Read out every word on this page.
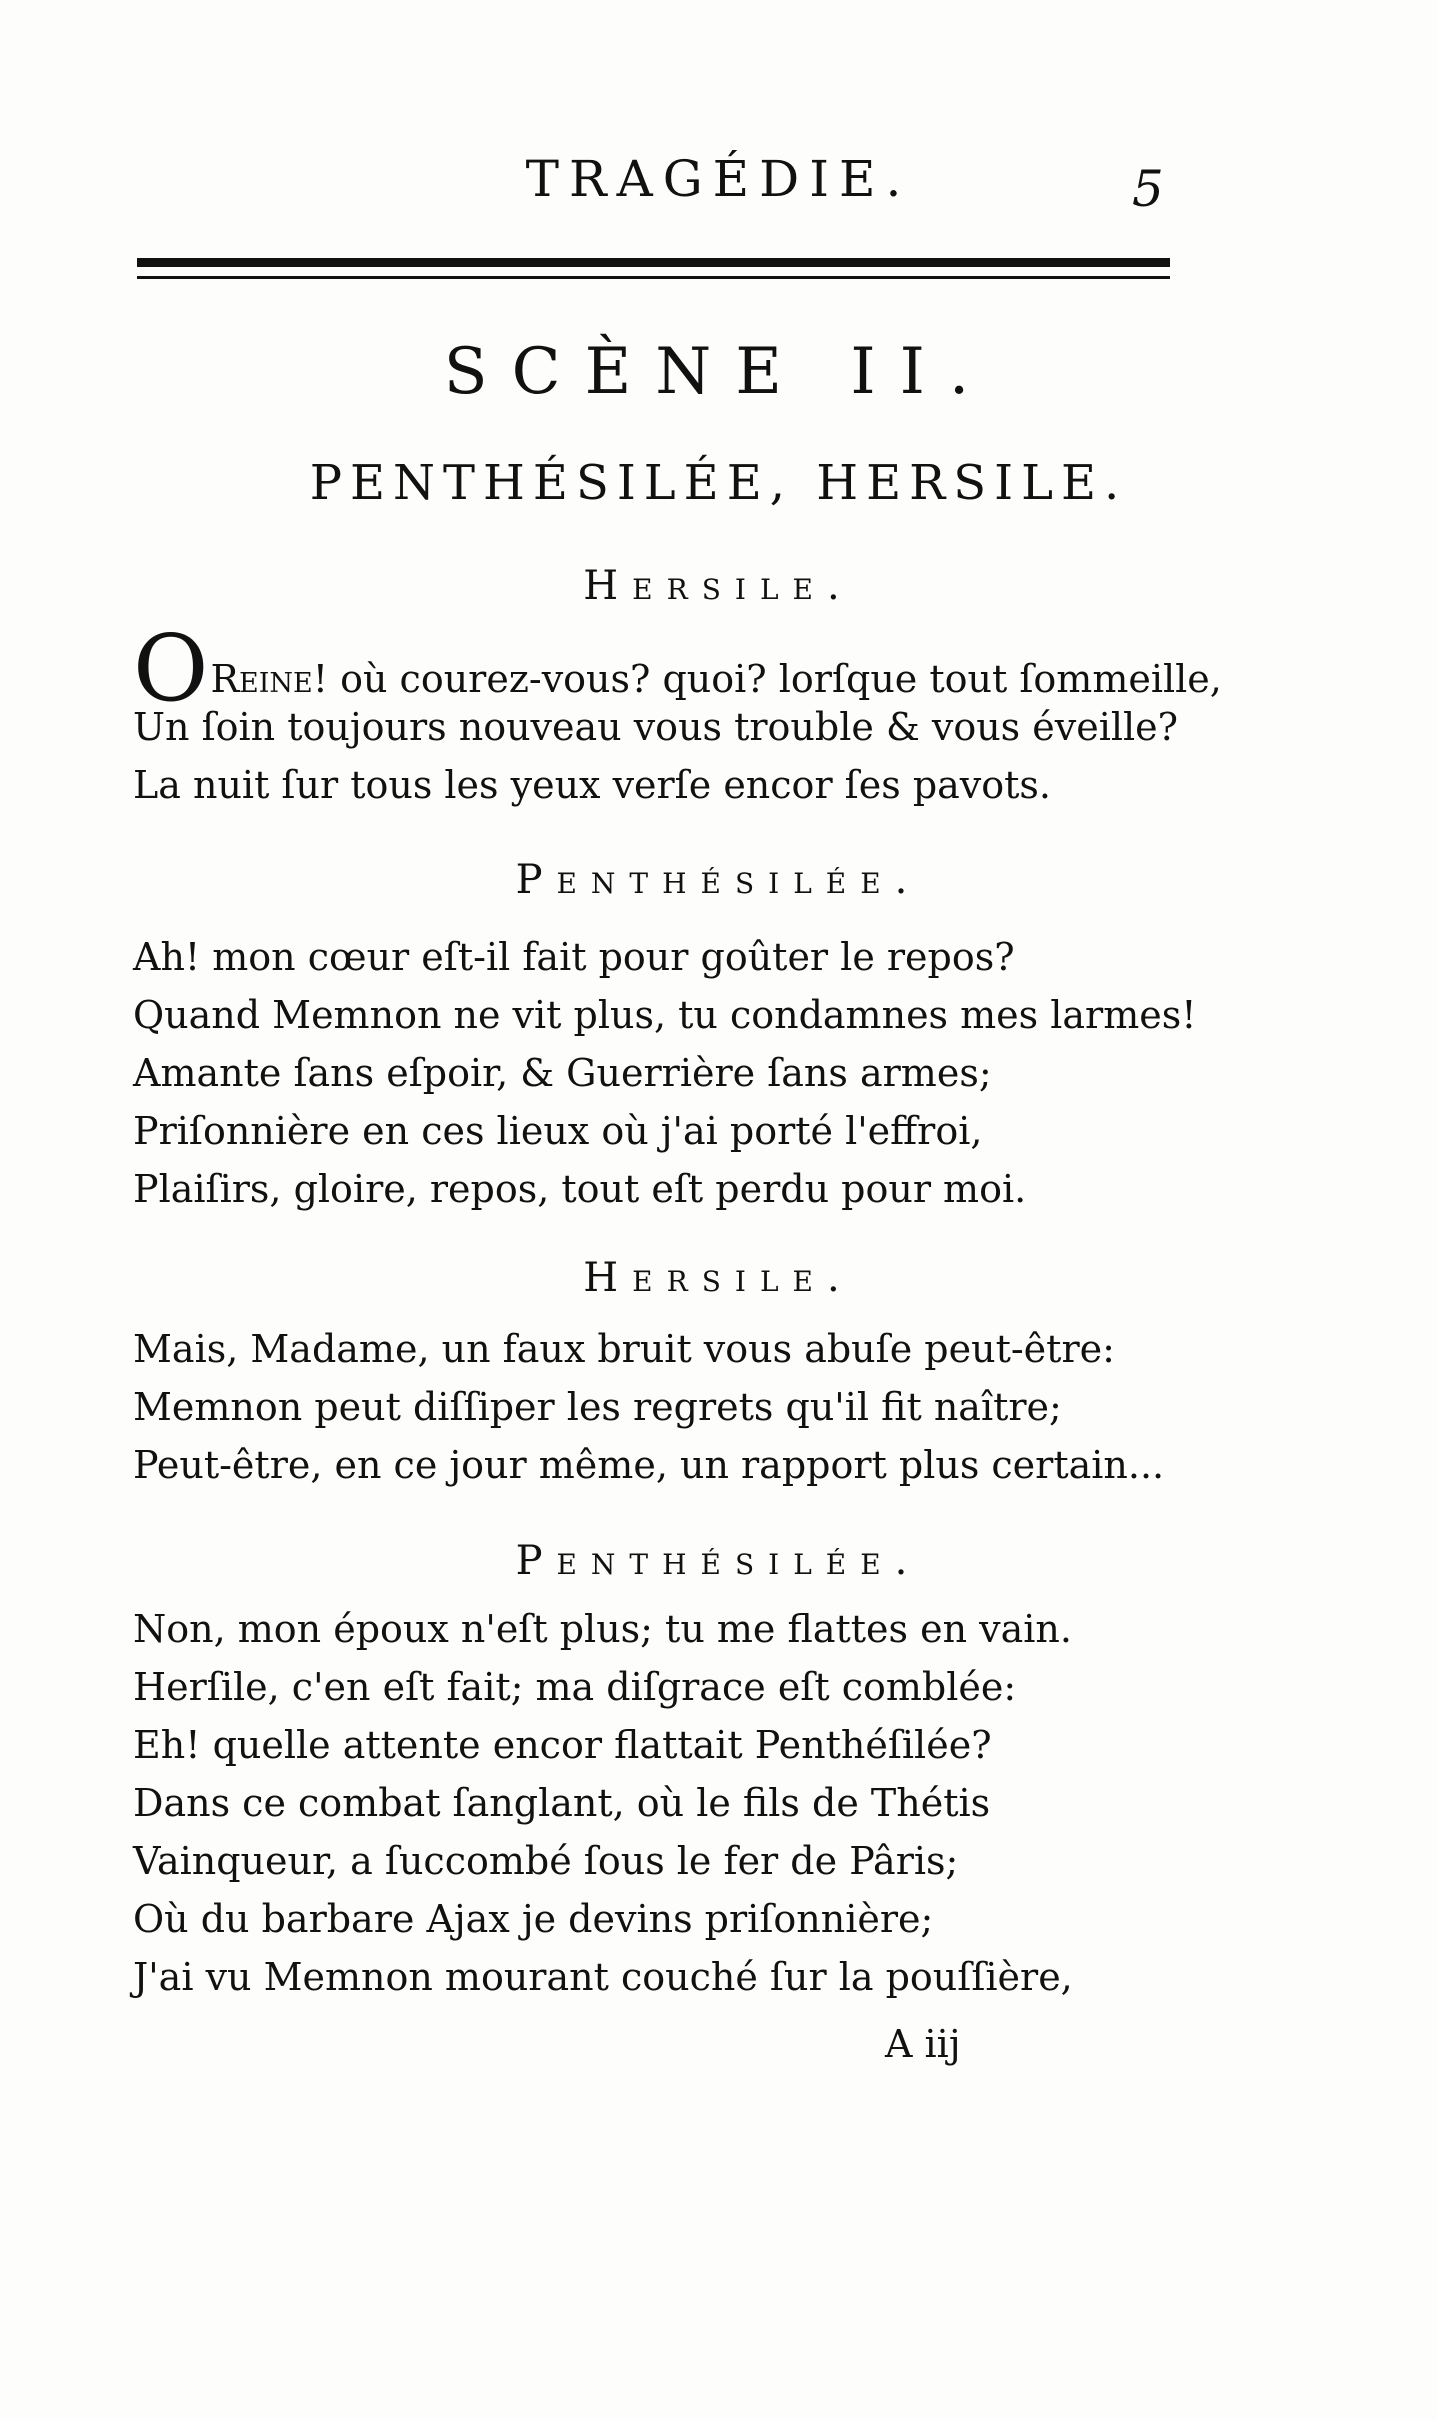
TRAGÉDIE.	5
SCÈNE II.
PENTHÉSILÉE, HERSILE.
Hersile.
OReine! où courez-vous? quoi? lorſque tout ſommeille,
Un ſoin toujours nouveau vous trouble & vous éveille?
La nuit ſur tous les yeux verſe encor ſes pavots.
Penthésilée.
Ah! mon cœur eſt-il fait pour goûter le repos?
Quand Memnon ne vit plus, tu condamnes mes larmes!
Amante ſans eſpoir, & Guerrière ſans armes;
Priſonnière en ces lieux où j'ai porté l'effroi,
Plaiſirs, gloire, repos, tout eſt perdu pour moi.
Hersile.
Mais, Madame, un faux bruit vous abuſe peut-être:
Memnon peut diſſiper les regrets qu'il fit naître;
Peut-être, en ce jour même, un rapport plus certain...
Penthésilée.
Non, mon époux n'eſt plus; tu me flattes en vain.
Herſile, c'en eſt fait; ma diſgrace eſt comblée:
Eh! quelle attente encor flattait Penthéſilée?
Dans ce combat ſanglant, où le fils de Thétis
Vainqueur, a ſuccombé ſous le fer de Pâris;
Où du barbare Ajax je devins priſonnière;
J'ai vu Memnon mourant couché ſur la pouſſière,
A iij
